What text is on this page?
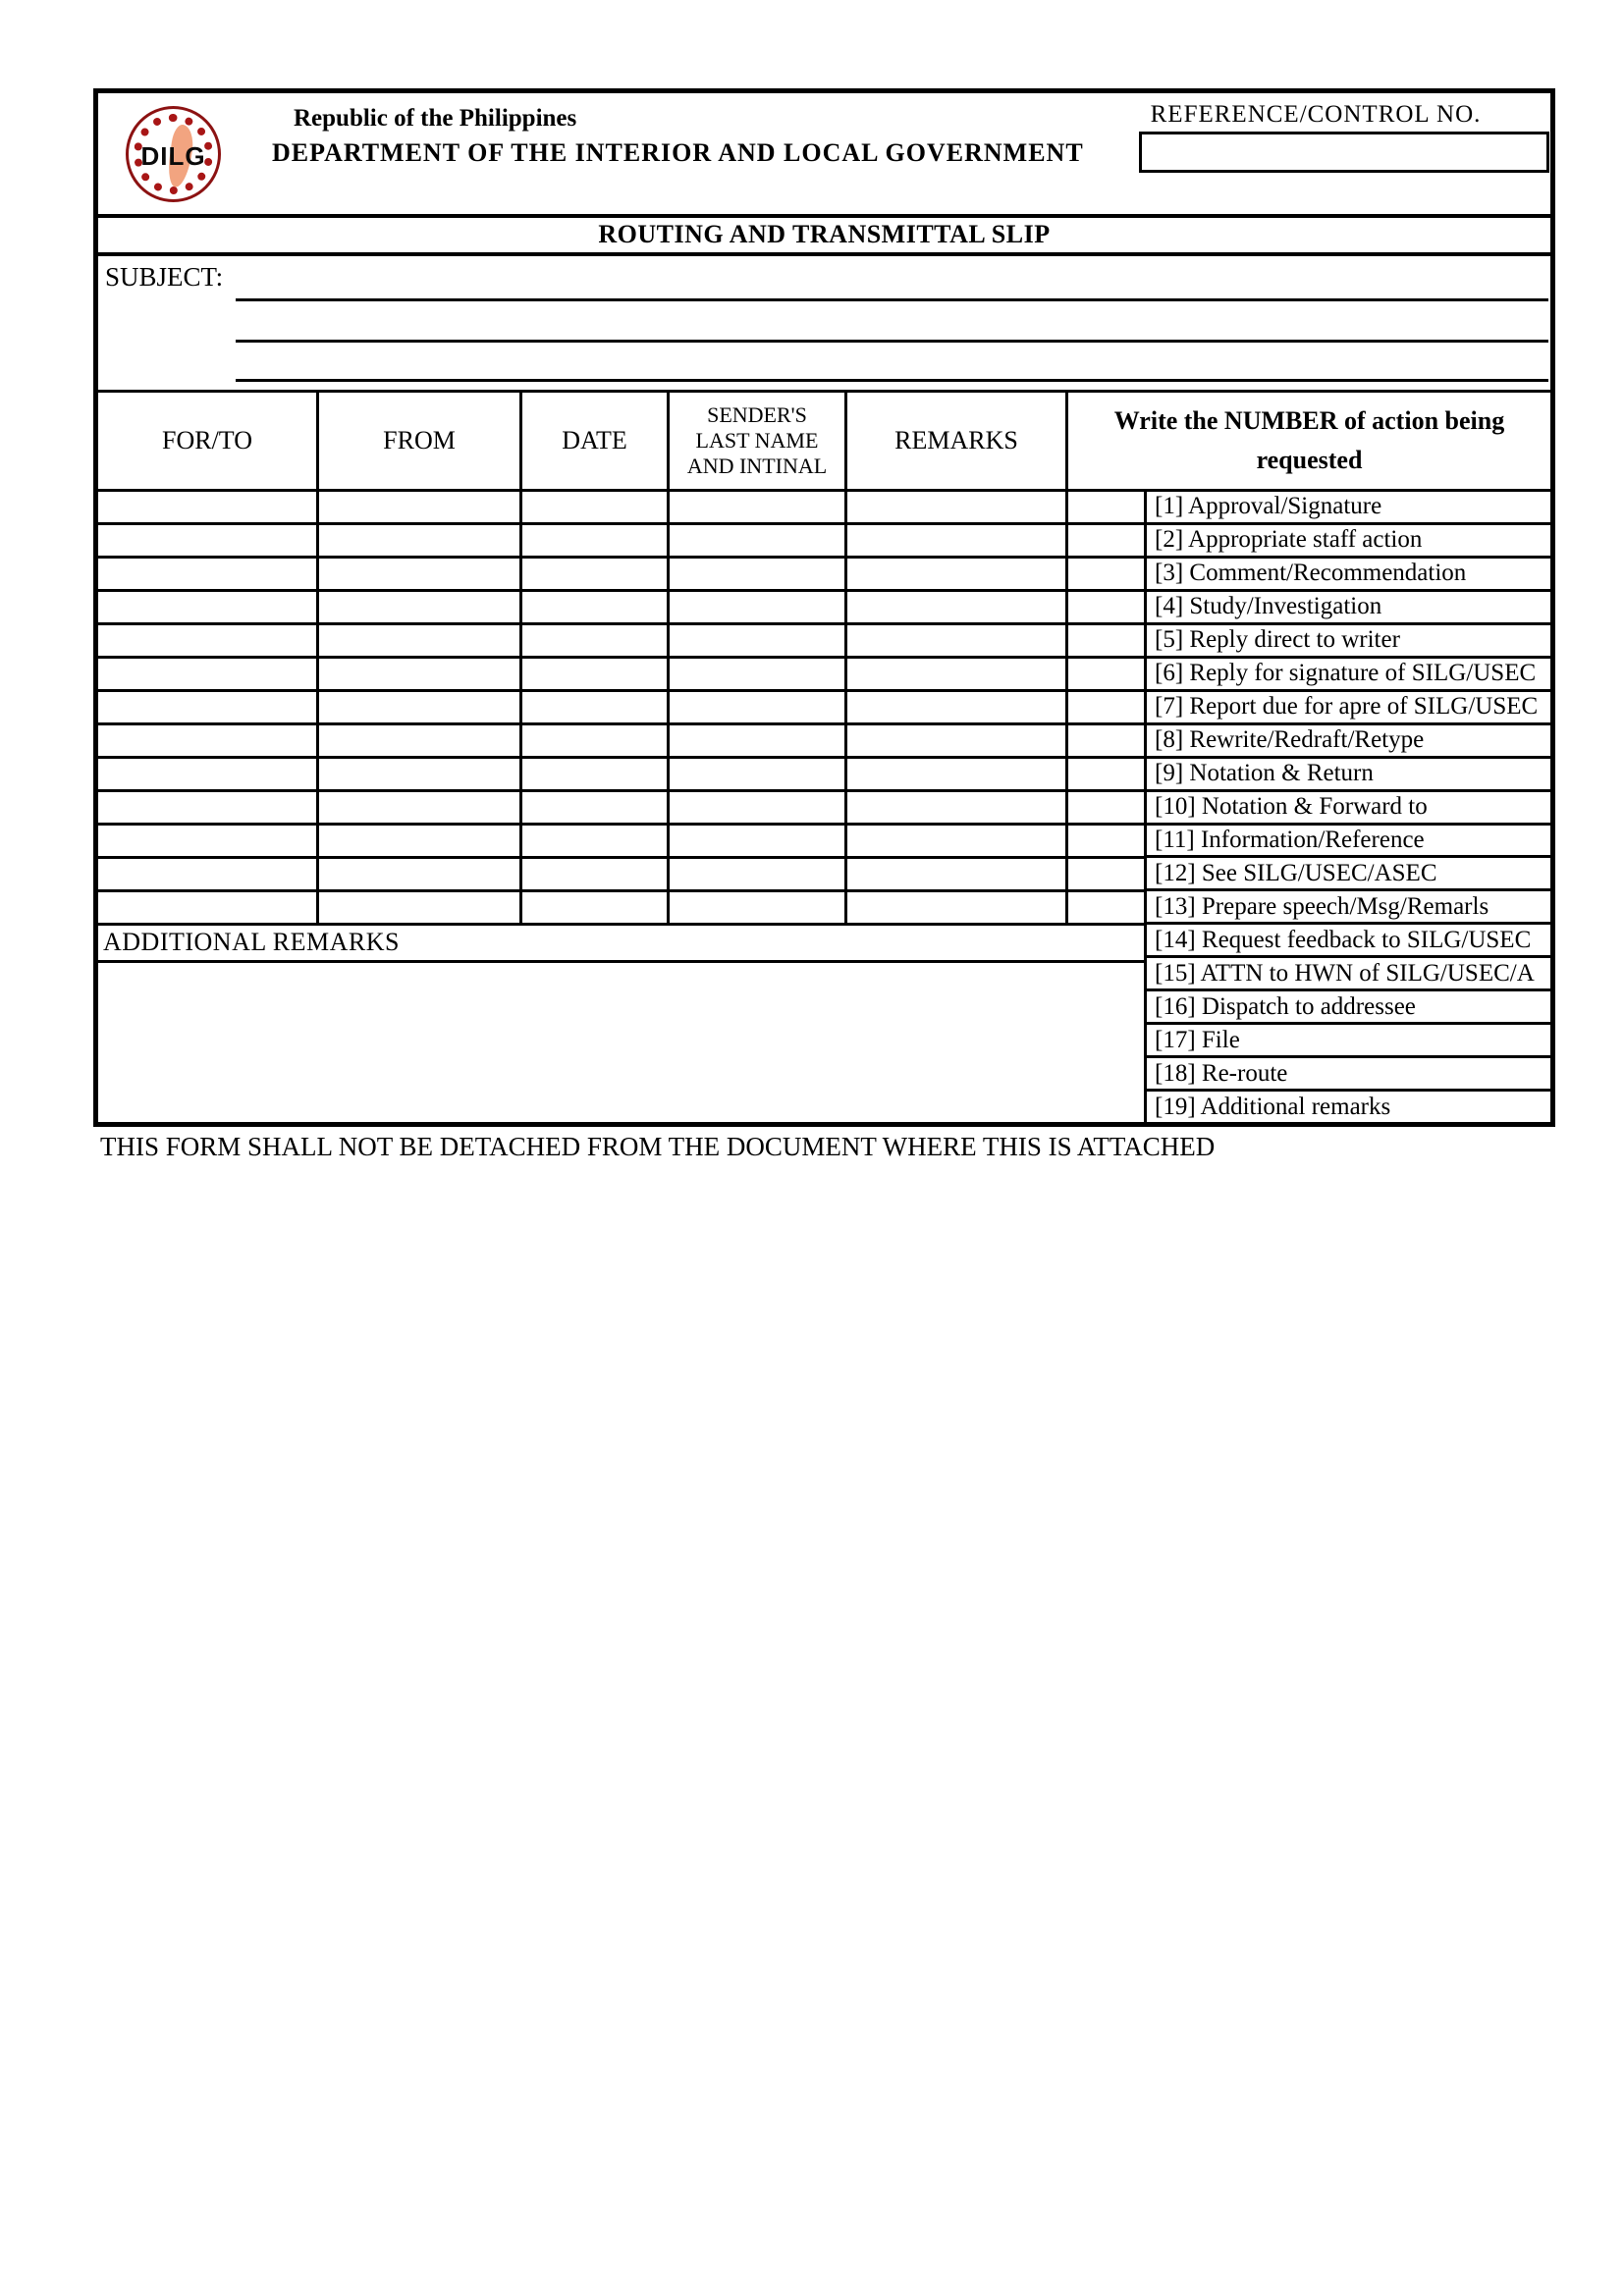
DILG
Republic of the Philippines
DEPARTMENT OF THE INTERIOR AND LOCAL GOVERNMENT
REFERENCE/CONTROL NO.
ROUTING AND TRANSMITTAL SLIP
SUBJECT:
FOR/TO	FROM	DATE
SENDER'S LAST NAME AND INTINAL
REMARKS
ADDITIONAL REMARKS
Write the NUMBER of action being requested
[1] Approval/Signature
[2] Appropriate staff action
[3] Comment/Recommendation
[4] Study/Investigation
[5] Reply direct to writer
[6] Reply for signature of SILG/USEC
[7] Report due for apre of SILG/USEC
[8] Rewrite/Redraft/Retype
[9] Notation & Return
[10] Notation & Forward to
[11] Information/Reference
[12] See SILG/USEC/ASEC
[13] Prepare speech/Msg/Remarls
[14] Request feedback to SILG/USEC
[15] ATTN to HWN of SILG/USEC/A
[16] Dispatch to addressee
[17] File
[18] Re-route
[19] Additional remarks
THIS FORM SHALL NOT BE DETACHED FROM THE DOCUMENT WHERE THIS IS ATTACHED
